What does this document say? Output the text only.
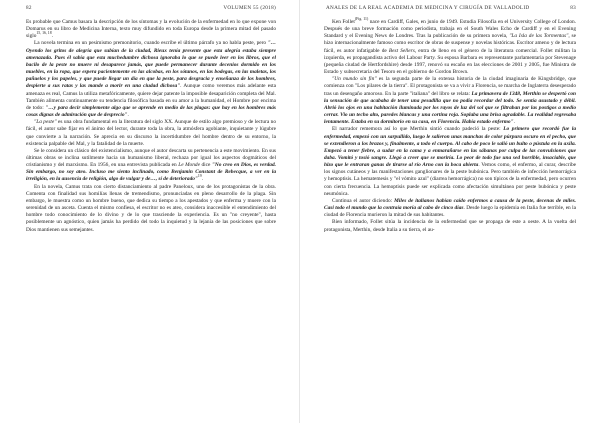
82	VOLUMEN 55 (2018)

Es probable que Camus basara la descripción de los síntomas y la evolución de la enfermedad en lo que expone von Domarus en su libro de Medicina Interna, texto muy difundido en toda Europa desde la primera mitad del pasado siglo$^{15, 16, 18}$.

La novela termina en un pesimismo premonitorio, cuando escribe el último párrafo ya no habla peste, pero "…Oyendo los gritos de alegría que subían de la ciudad, Rieux tenía presente que esta alegría estaba siempre amenazada. Pues él sabía que esta muchedumbre dichosa ignoraba lo que se puede leer en los libros, que el bacilo de la peste no muere ni desaparece jamás, que puede permanecer durante decenios dormido en los muebles, en la ropa, que espera pacientemente en las alcobas, en los sótanos, en las bodegas, en las maletas, los pañuelos y los papeles, y que puede llegar un día en que la peste, para desgracia y enseñanza de los hombres, despierte a sus ratas y las mande a morir en una ciudad dichosa". Aunque como veremos más adelante esta amenaza es real, Camus la utiliza metafóricamente, quiere dejar patente la imposible desaparición completa del Mal. También alimenta continuamente su tendencia filosófica basada en su amor a la humanidad, el Hombre por encima de todo: "…y para decir simplemente algo que se aprende en medio de las plagas: que hay en los hombres más cosas dignas de admiración que de desprecio".

"La peste" es una obra fundamental en la literatura del siglo XX. Aunque de estilo algo premioso y de lectura no fácil, el autor sabe fijar en el ánimo del lector, durante toda la obra, la atmósfera agobiante, inquietante y lúgubre que convierte a la narración. Se aprecia en su discurso la incertidumbre del hombre dentro de su entorno, la existencia palpable del Mal, y la fatalidad de la muerte.

Se le considera un clásico del existencialismo, aunque el autor descarta su pertenencia a este movimiento. En sus últimas obras se inclina sutilmente hacia un humanismo liberal, rechaza por igual los aspectos dogmáticos del cristianismo y del marxismo. En 1956, en una entrevista publicada en Le Monde dice "No creo en Dios, es verdad. Sin embargo, no soy ateo. Incluso me siento inclinado, como Benjamin Constant de Rebecque, a ver en la irreligión, en la ausencia de religión, algo de vulgar y de…, sí de deteriorado"$^{19}$.

En la novela, Camus trata con cierto distanciamiento al padre Paneloux, uno de los protagonistas de la obra. Comenta con finalidad sus homilías llenas de tremendismo, pronunciadas en pleno desarrollo de la plaga. Sin embargo, le muestra como un hombre bueno, que dedica su tiempo a los apestados y que enferma y muere con la serenidad de un asceta. Cuenta el mismo confiesa, el escritor no es ateo, considera inaccesible el entendimiento del hombre todo conocimiento de lo divino y de lo que trasciende la experiencia. Es un "no creyente", hasta posiblemente un agnóstico, quien jamás ha perdido del todo la inquietud y la lejanía de las posiciones que sobre Dios mantienen sus semejantes.

ANALES DE LA REAL ACADEMIA DE MEDICINA Y CIRUGÍA DE VALLADOLID	83

Ken Follet$^{(Fig. 11)}$ nace en Cardiff, Gales, en junio de 1949. Estudia Filosofía en el University College of London. Después de una breve formación como periodista, trabaja en el South Wales Echo de Cardiff y en el Evening Standard y el Evening News de Londres. Tras la publicación de su primera novela, "La Isla de las Tormentas", se hizo internacionalmente famoso como escritor de obras de suspense y novelas históricas. Escritor ameno y de lectura fácil, es autor infatigable de Best Sellers, entra de lleno en el género de la literatura comercial. Follet militan la izquierda, es propagandista activo del Labour Party. Su esposa Barbara es representante parlamentaria por Stevenage (pequeña ciudad de Hertfordshire) desde 1997, renovó su escaño en las elecciones de 2001 y 2005, fue Ministra de Estado y subsecretaria del Tesoro en el gobierno de Gordon Brown.

"Un mundo sin fin" es la segunda parte de la extensa historia de la ciudad imaginaria de Kingsbridge, que comienza con "Los pilares de la tierra". El protagonista se va a vivir a Florencia, se marcha de Inglaterra desesperado tras un desengaño amoroso. En la parte "italiana" del libro se relata: La primavera de 1348, Merthin se despertó con la sensación de que acababa de tener una pesadilla que no podía recordar del todo. Se sentía asustado y débil. Abrió los ojos en una habitación iluminada por los rayos de luz del sol que se filtraban por las postigos a medio cerrar. Vio un techo alto, paredes blancas y una cortina roja. Soplaba una brisa agradable. La realidad regresaba lentamente. Estaba en su dormitorio en su casa, en Florencia. Había estado enfermo".

El narrador rememora así lo que Merthin sintió cuando padeció la peste: Lo primero que recordó fue la enfermedad, empezó con un sarpullido, luego le salieron unas manchas de color púrpura oscuro en el pecho, que se extendieron a los brazos y, finalmente, a todo el cuerpo. Al cabo de poco le salió un bulto o pústula en la axila. Empezó a tener fiebre, a sudar en la cama y a enmarañarse en las sábanas por culpa de las convulsiones que daba. Vomitó y tosió sangre. Llegó a creer que se moriría. Lo peor de todo fue una sed horrible, insaciable, que hizo que le entraran ganas de tirarse al río Arno con la boca abierta. Vemos como, el enfermo, al curar, describe los signos cutáneos y las manifestaciones ganglionares de la peste bubónica. Pero también de infección hemorrágica y hemoptisis. La hematemesis y "el vómito azul" (diarrea hemorrágica) no son típicos de la enfermedad, pero ocurren con cierta frecuencia. La hemoptisis puede ser explicada como afectación simultánea por peste bubónica y peste neumónica.

Continua el autor diciendo: Miles de italianos habían caído enfermos a causa de la peste, decenas de miles. Casi todo el mundo que la contraía moría al cabo de cinco días. Desde luego la epidemia en Italia fue terrible, en la ciudad de Florencia murieron la mitad de sus habitantes.

Bien informado, Follet sitúa la incidencia de la enfermedad que se propaga de este a oeste. A la vuelta del protagonista, Merthin, desde Italia a su tierra, el au-
